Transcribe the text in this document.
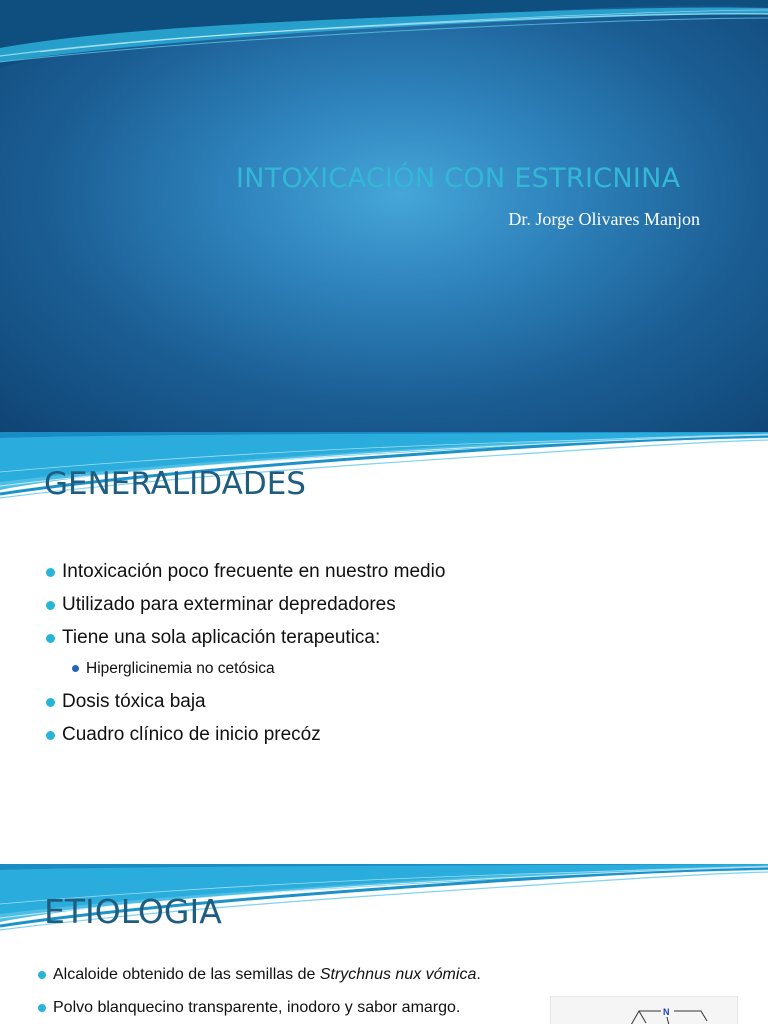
INTOXICACIÓN CON ESTRICNINA
Dr. Jorge Olivares Manjon
GENERALIDADES
Intoxicación poco frecuente en nuestro medio
Utilizado para exterminar depredadores
Tiene una sola aplicación terapeutica:
Hiperglicinemia no cetósica
Dosis tóxica baja
Cuadro clínico de inicio precóz
ETIOLOGIA
Alcaloide obtenido de las semillas de Strychnus nux vómica.
Polvo blanquecino transparente, inodoro y sabor amargo.	N
